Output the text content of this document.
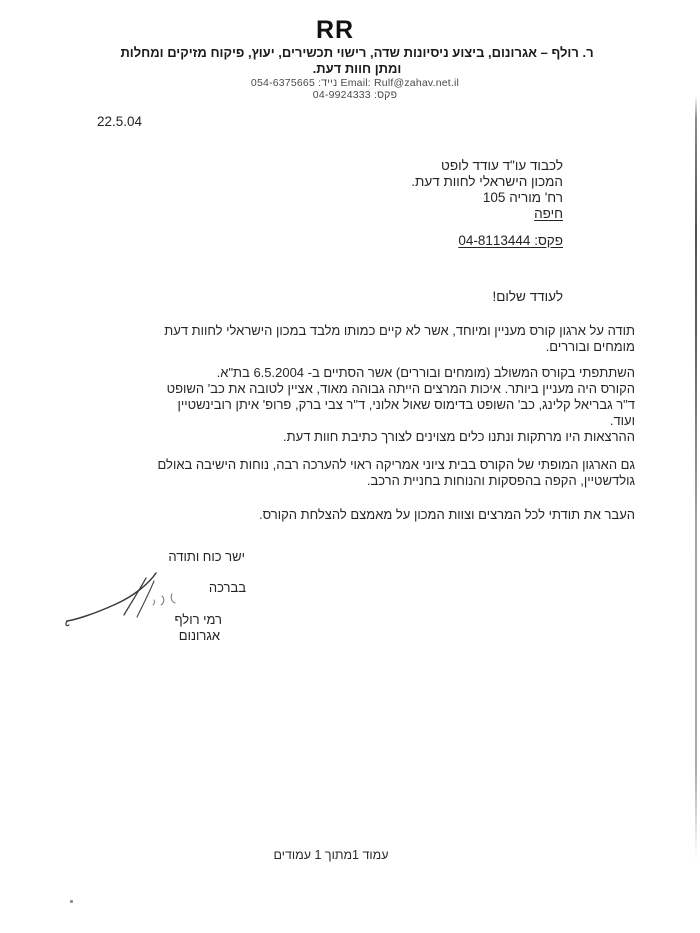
RR
ר. רולף – אגרונום, ביצוע ניסיונות שדה, רישוי תכשירים, יעוץ, פיקוח מזיקים ומחלות
ומתן חוות דעת.
054-6375665 :נייד Email: Rulf@zahav.net.il
04-9924333 :פקס
22.5.04
לכבוד עו"ד עודד לופט
המכון הישראלי לחוות דעת.
רח' מוריה 105
חיפה
פקס: 04-8113444
לעודד שלום!
תודה על ארגון קורס מעניין ומיוחד, אשר לא קיים כמותו מלבד במכון הישראלי לחוות דעת
מומחים ובוררים.
השתתפתי בקורס המשולב (מומחים ובוררים) אשר הסתיים ב- 6.5.2004 בת"א.
הקורס היה מעניין ביותר. איכות המרצים הייתה גבוהה מאוד, אציין לטובה את כב' השופט
ד"ר גבריאל קלינג, כב' השופט בדימוס שאול אלוני, ד"ר צבי ברק, פרופ' איתן רובינשטיין
ועוד.
ההרצאות היו מרתקות ונתנו כלים מצוינים לצורך כתיבת חוות דעת.
גם הארגון המופתי של הקורס בבית ציוני אמריקה ראוי להערכה רבה, נוחות הישיבה באולם
גולדשטיין, הקפה בהפסקות והנוחות בחניית הרכב.
העבר את תודתי לכל המרצים וצוות המכון על מאמצם להצלחת הקורס.
ישר כוח ותודה
בברכה
רמי רולף
אגרונום
עמוד 1מתוך 1 עמודים
